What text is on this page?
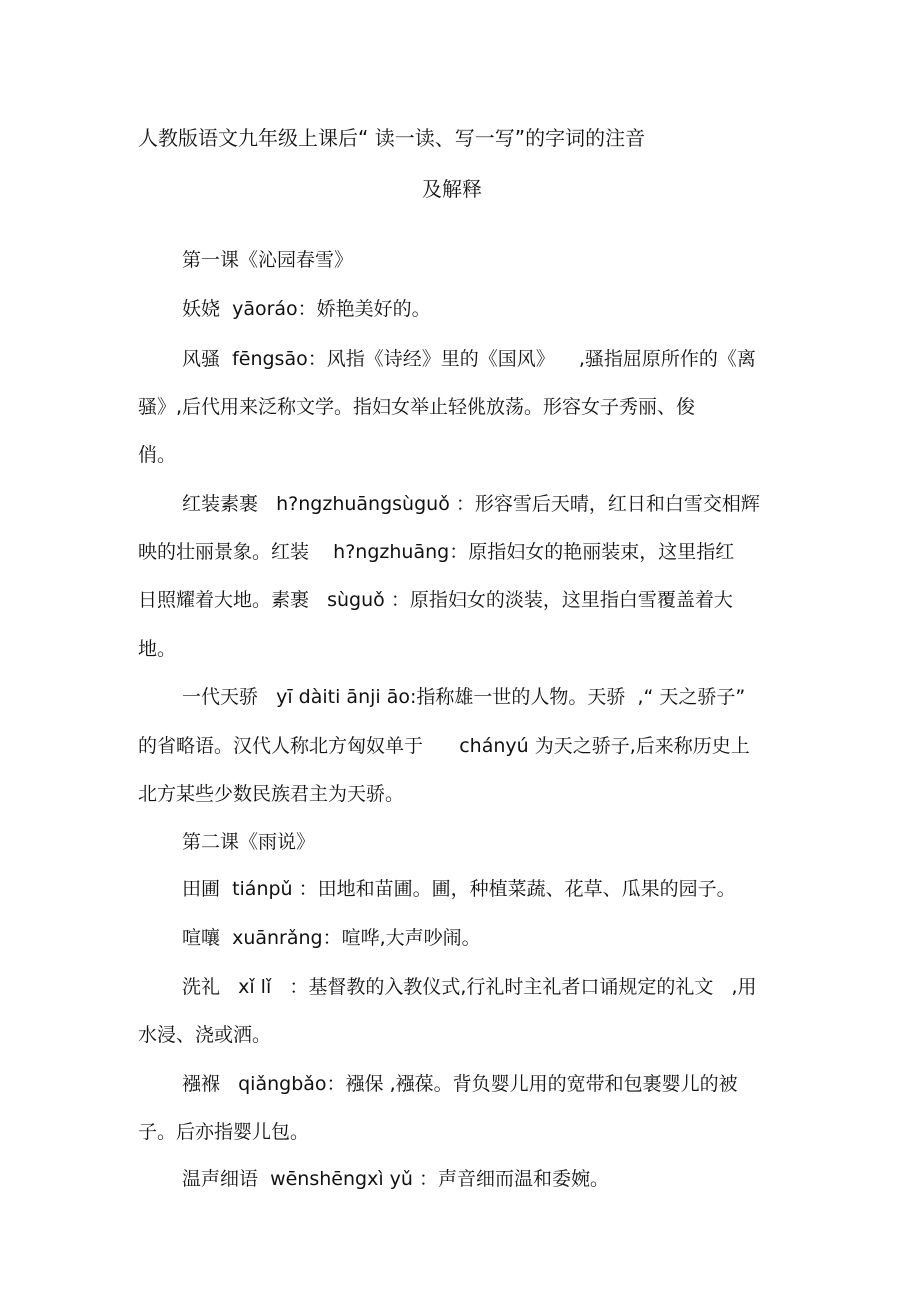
人教版语文九年级上课后“ 读一读、写一写”的字词的注音
及解释

第一课《沁园春雪》

妖娆  yāoráo：娇艳美好的。

风骚  fēngsāo：风指《诗经》里的《国风》    ,骚指屈原所作的《离

骚》,后代用来泛称文学。指妇女举止轻佻放荡。形容女子秀丽、俊

俏。

红装素裹   h?ngzhuāngsùguǒ ：形容雪后天晴，红日和白雪交相辉

映的壮丽景象。红装    h?ngzhuāng：原指妇女的艳丽装束，这里指红

日照耀着大地。素裹   sùguǒ ：原指妇女的淡装，这里指白雪覆盖着大

地。

一代天骄   yī dàiti ānji āo:指称雄一世的人物。天骄  ,“ 天之骄子”

的省略语。汉代人称北方匈奴单于      chányú 为天之骄子,后来称历史上

北方某些少数民族君主为天骄。

第二课《雨说》

田圃  tiánpǔ ：田地和苗圃。圃，种植菜蔬、花草、瓜果的园子。

喧嚷  xuānrǎng：喧哗,大声吵闹。

洗礼   xǐ lǐ   ：基督教的入教仪式,行礼时主礼者口诵规定的礼文   ,用

水浸、浇或洒。

襁褓   qiǎngbǎo：襁保 ,襁葆。背负婴儿用的宽带和包裹婴儿的被

子。后亦指婴儿包。

温声细语  wēnshēngxì yǔ ：声音细而温和委婉。
